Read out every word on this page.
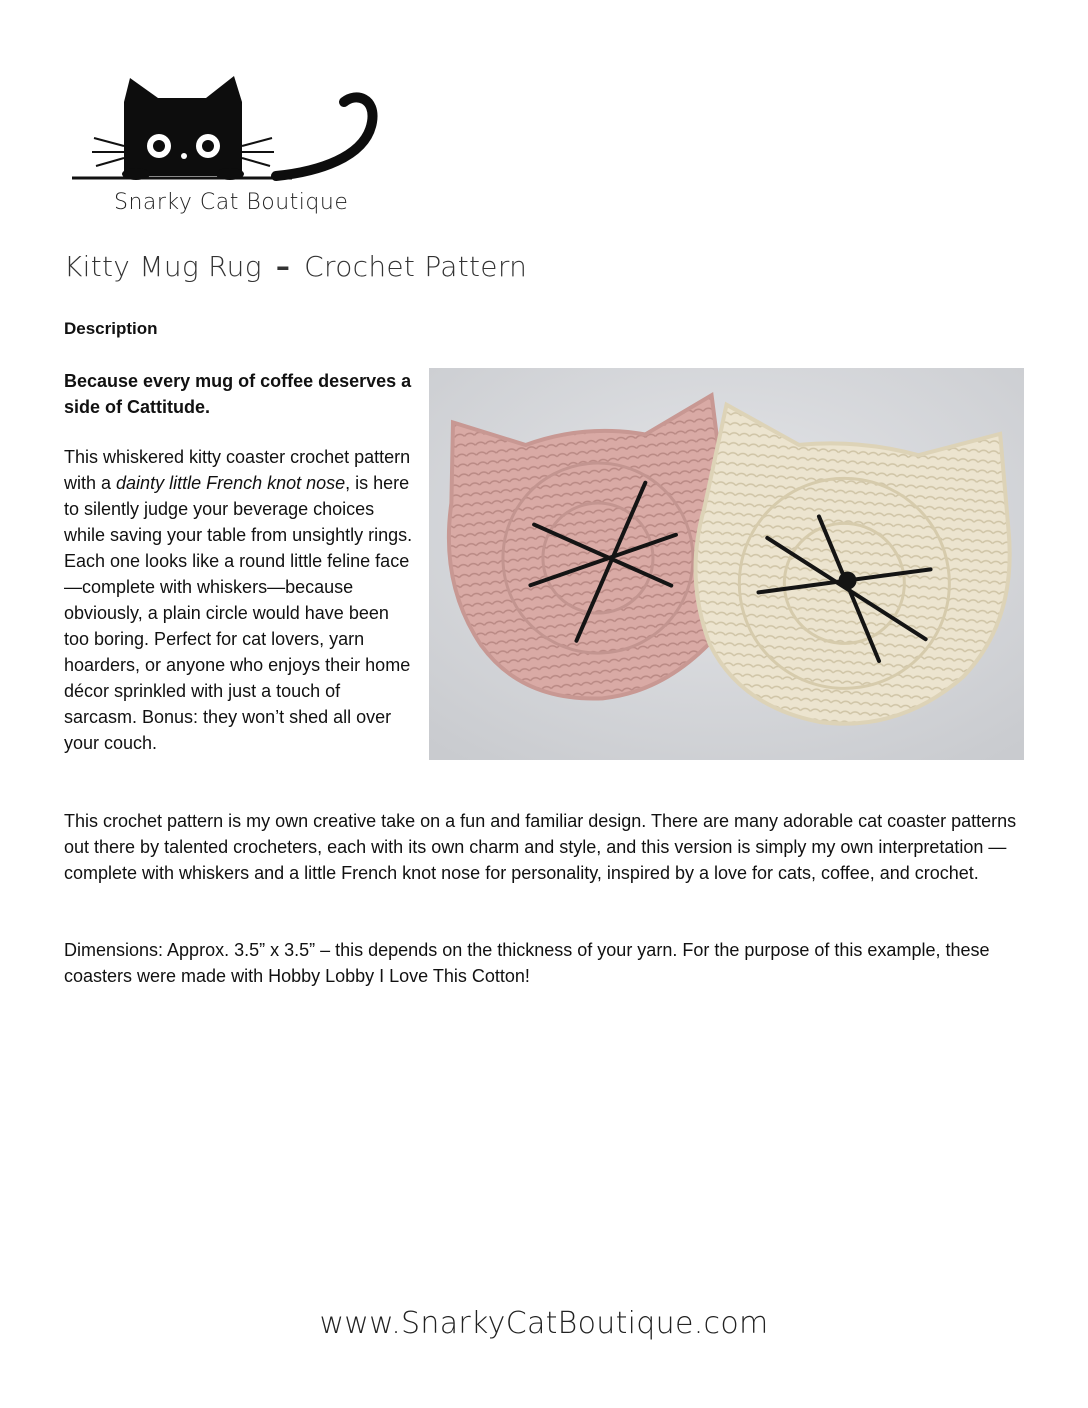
Snarky Cat Boutique
Kitty Mug Rug – Crochet Pattern
Description

Because every mug of coffee deserves a side of Cattitude.

This whiskered kitty coaster crochet pattern with a dainty little French knot nose, is here to silently judge your beverage choices while saving your table from unsightly rings. Each one looks like a round little feline face—complete with whiskers—because obviously, a plain circle would have been too boring. Perfect for cat lovers, yarn hoarders, or anyone who enjoys their home décor sprinkled with just a touch of sarcasm. Bonus: they won’t shed all over your couch.

This crochet pattern is my own creative take on a fun and familiar design. There are many adorable cat coaster patterns out there by talented crocheters, each with its own charm and style, and this version is simply my own interpretation — complete with whiskers and a little French knot nose for personality, inspired by a love for cats, coffee, and crochet.

Dimensions: Approx. 3.5” x 3.5” – this depends on the thickness of your yarn. For the purpose of this example, these coasters were made with Hobby Lobby I Love This Cotton!

www.SnarkyCatBoutique.com
